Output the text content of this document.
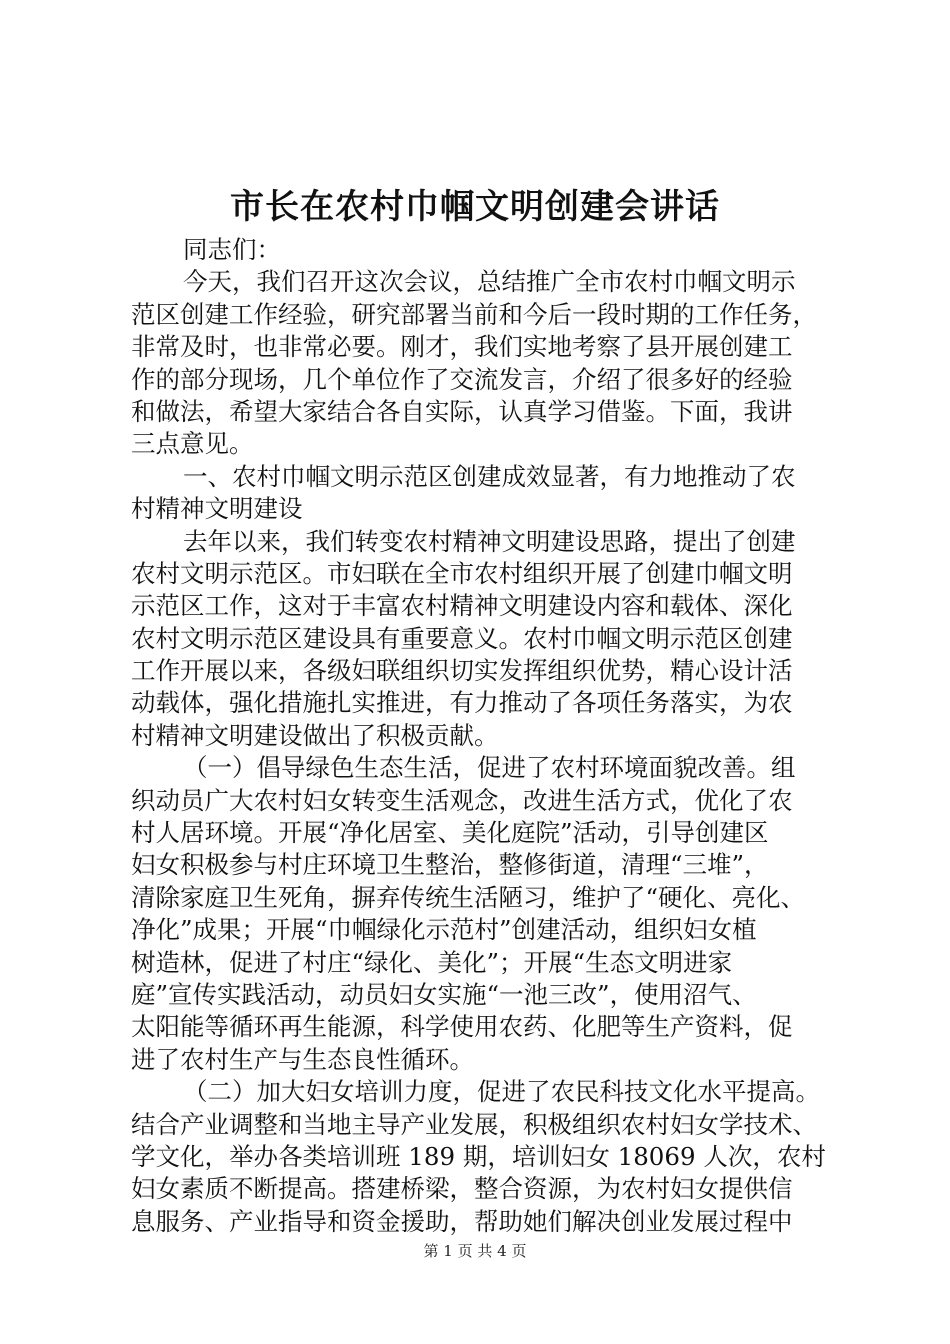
市长在农村巾帼文明创建会讲话
同志们：
今天，我们召开这次会议，总结推广全市农村巾帼文明示
范区创建工作经验，研究部署当前和今后一段时期的工作任务，
非常及时，也非常必要。刚才，我们实地考察了县开展创建工
作的部分现场，几个单位作了交流发言，介绍了很多好的经验
和做法，希望大家结合各自实际，认真学习借鉴。下面，我讲
三点意见。
一、农村巾帼文明示范区创建成效显著，有力地推动了农
村精神文明建设
去年以来，我们转变农村精神文明建设思路，提出了创建
农村文明示范区。市妇联在全市农村组织开展了创建巾帼文明
示范区工作，这对于丰富农村精神文明建设内容和载体、深化
农村文明示范区建设具有重要意义。农村巾帼文明示范区创建
工作开展以来，各级妇联组织切实发挥组织优势，精心设计活
动载体，强化措施扎实推进，有力推动了各项任务落实，为农
村精神文明建设做出了积极贡献。
（一）倡导绿色生态生活，促进了农村环境面貌改善。组
织动员广大农村妇女转变生活观念，改进生活方式，优化了农
村人居环境。开展“净化居室、美化庭院”活动，引导创建区
妇女积极参与村庄环境卫生整治，整修街道，清理“三堆”，
清除家庭卫生死角，摒弃传统生活陋习，维护了“硬化、亮化、
净化”成果；开展“巾帼绿化示范村”创建活动，组织妇女植
树造林，促进了村庄“绿化、美化”；开展“生态文明进家
庭”宣传实践活动，动员妇女实施“一池三改”，使用沼气、
太阳能等循环再生能源，科学使用农药、化肥等生产资料，促
进了农村生产与生态良性循环。
（二）加大妇女培训力度，促进了农民科技文化水平提高。
结合产业调整和当地主导产业发展，积极组织农村妇女学技术、
学文化，举办各类培训班 189 期，培训妇女 18069 人次，农村
妇女素质不断提高。搭建桥梁，整合资源，为农村妇女提供信
息服务、产业指导和资金援助，帮助她们解决创业发展过程中
第 1 页 共 4 页
